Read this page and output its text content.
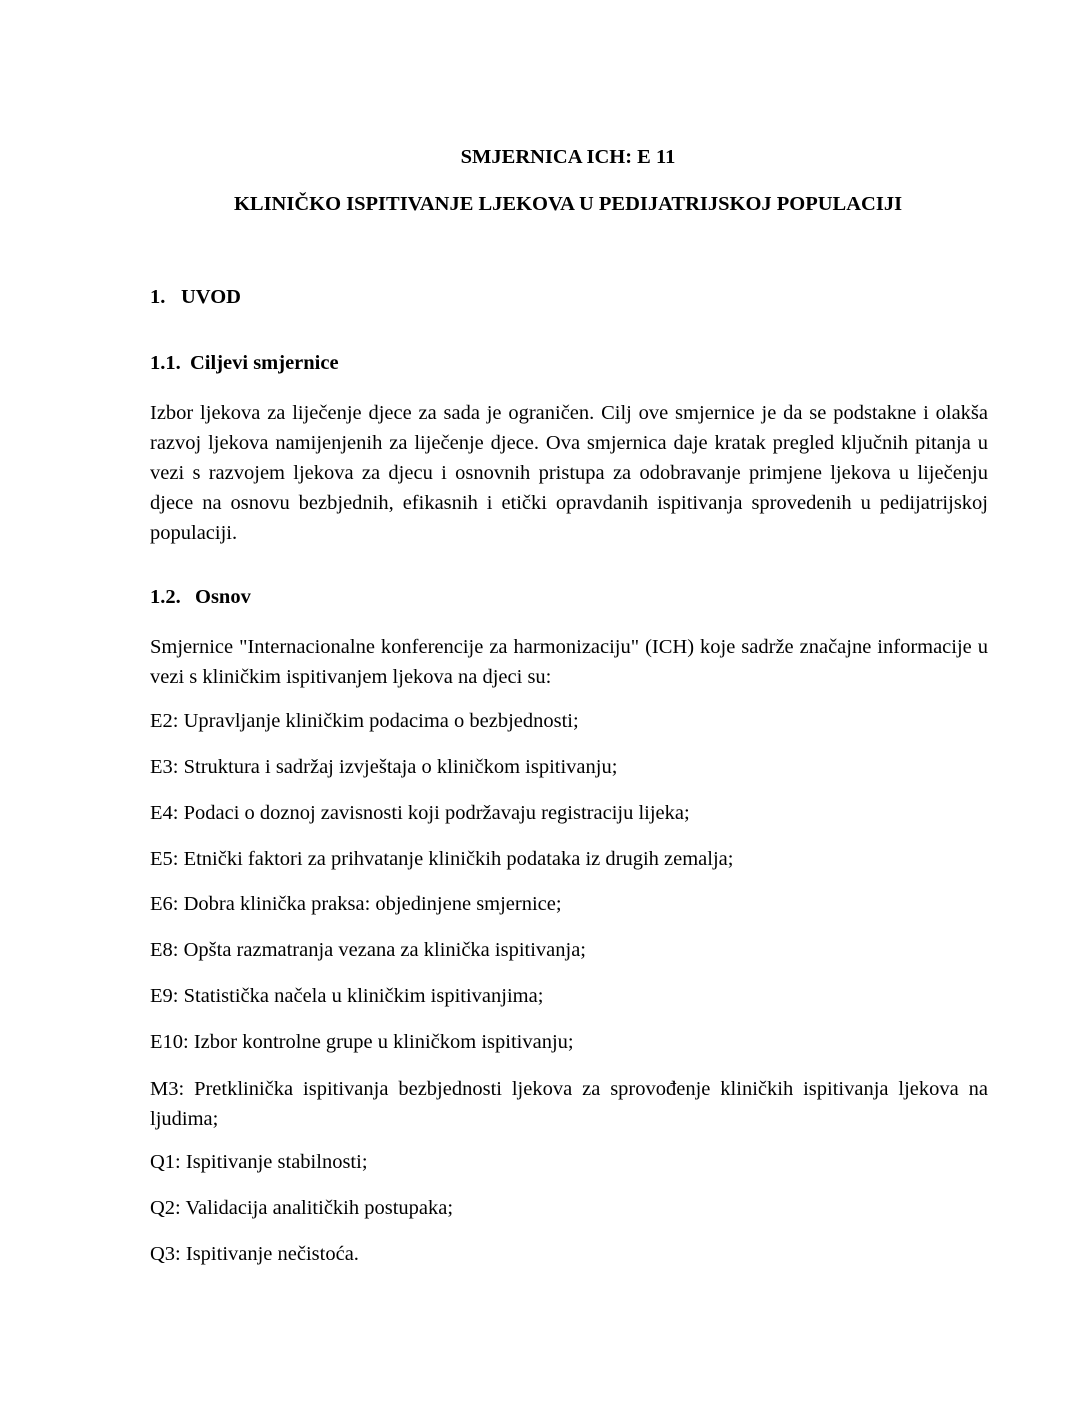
SMJERNICA ICH: E 11
KLINIČKO ISPITIVANJE LJEKOVA U PEDIJATRIJSKOJ POPULACIJI
1. UVOD
1.1. Ciljevi smjernice
Izbor ljekova za liječenje djece za sada je ograničen. Cilj ove smjernice je da se podstakne i olakša razvoj ljekova namijenjenih za liječenje djece. Ova smjernica daje kratak pregled ključnih pitanja u vezi s razvojem ljekova za djecu i osnovnih pristupa za odobravanje primjene ljekova u liječenju djece na osnovu bezbjednih, efikasnih i etički opravdanih ispitivanja sprovedenih u pedijatrijskoj populaciji.
1.2. Osnov
Smjernice "Internacionalne konferencije za harmonizaciju" (ICH) koje sadrže značajne informacije u vezi s kliničkim ispitivanjem ljekova na djeci su:
E2: Upravljanje kliničkim podacima o bezbjednosti;
E3: Struktura i sadržaj izvještaja o kliničkom ispitivanju;
E4: Podaci o doznoj zavisnosti koji podržavaju registraciju lijeka;
E5: Etnički faktori za prihvatanje kliničkih podataka iz drugih zemalja;
E6: Dobra klinička praksa: objedinjene smjernice;
E8: Opšta razmatranja vezana za klinička ispitivanja;
E9: Statistička načela u kliničkim ispitivanjima;
E10: Izbor kontrolne grupe u kliničkom ispitivanju;
M3: Pretklinička ispitivanja bezbjednosti ljekova za sprovođenje kliničkih ispitivanja ljekova na ljudima;
Q1: Ispitivanje stabilnosti;
Q2: Validacija analitičkih postupaka;
Q3: Ispitivanje nečistoća.
